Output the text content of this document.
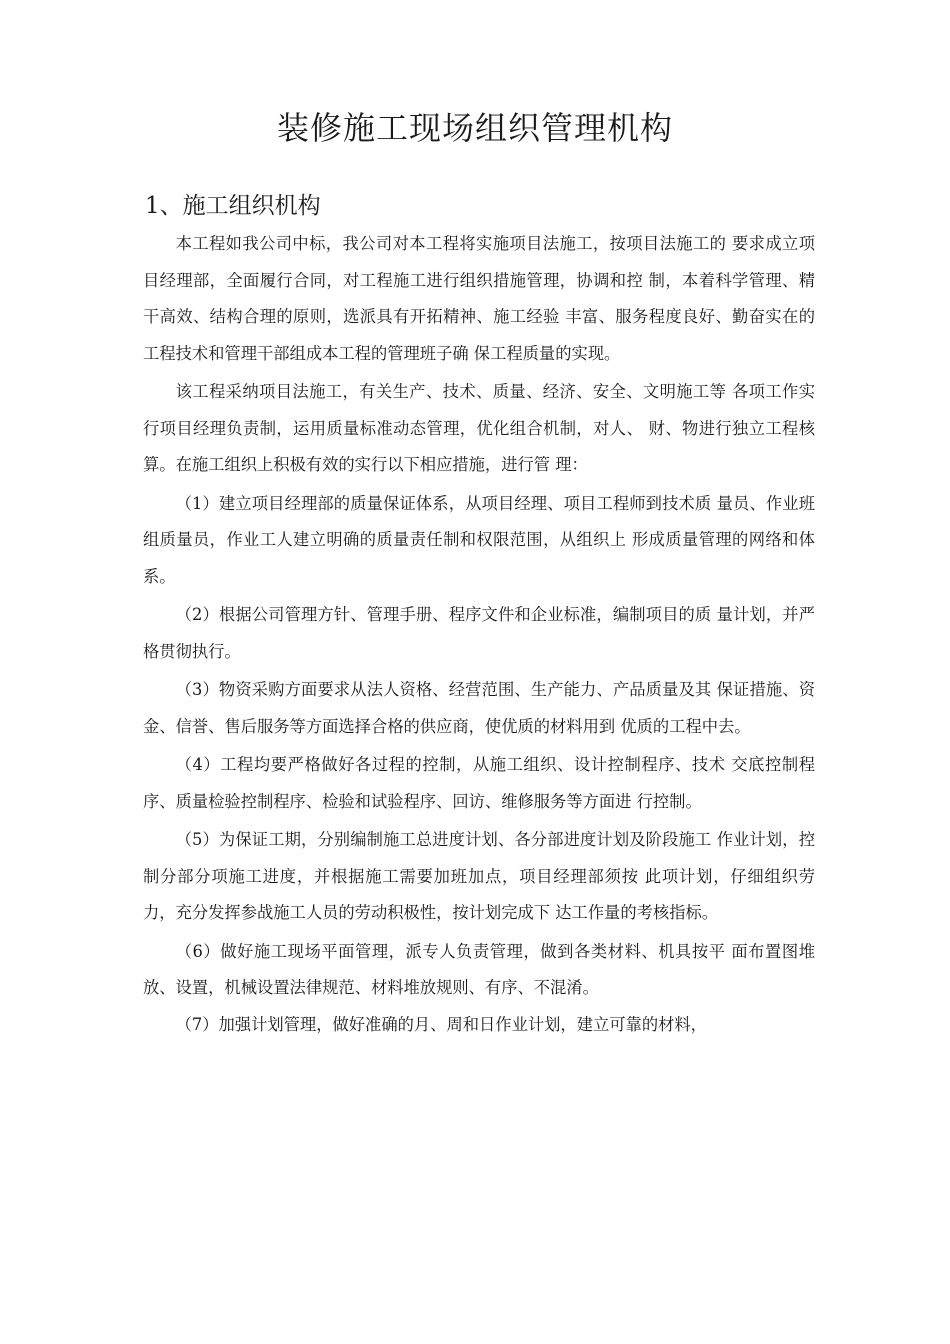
装修施工现场组织管理机构
1、施工组织机构

本工程如我公司中标，我公司对本工程将实施项目法施工，按项目法施工的 要求成立项目经理部，全面履行合同，对工程施工进行组织措施管理，协调和控 制，本着科学管理、精干高效、结构合理的原则，选派具有开拓精神、施工经验 丰富、服务程度良好、勤奋实在的工程技术和管理干部组成本工程的管理班子确 保工程质量的实现。

该工程采纳项目法施工，有关生产、技术、质量、经济、安全、文明施工等 各项工作实行项目经理负责制，运用质量标准动态管理，优化组合机制，对人、 财、物进行独立工程核算。在施工组织上积极有效的实行以下相应措施，进行管 理：

（1）建立项目经理部的质量保证体系，从项目经理、项目工程师到技术质 量员、作业班组质量员，作业工人建立明确的质量责任制和权限范围，从组织上 形成质量管理的网络和体系。

（2）根据公司管理方针、管理手册、程序文件和企业标准，编制项目的质 量计划，并严格贯彻执行。

（3）物资采购方面要求从法人资格、经营范围、生产能力、产品质量及其 保证措施、资金、信誉、售后服务等方面选择合格的供应商，使优质的材料用到 优质的工程中去。

（4）工程均要严格做好各过程的控制，从施工组织、设计控制程序、技术 交底控制程序、质量检验控制程序、检验和试验程序、回访、维修服务等方面进 行控制。

（5）为保证工期，分别编制施工总进度计划、各分部进度计划及阶段施工 作业计划，控制分部分项施工进度，并根据施工需要加班加点，项目经理部须按 此项计划，仔细组织劳力，充分发挥参战施工人员的劳动积极性，按计划完成下 达工作量的考核指标。

（6）做好施工现场平面管理，派专人负责管理，做到各类材料、机具按平 面布置图堆放、设置，机械设置法律规范、材料堆放规则、有序、不混淆。

（7）加强计划管理，做好准确的月、周和日作业计划，建立可靠的材料，
